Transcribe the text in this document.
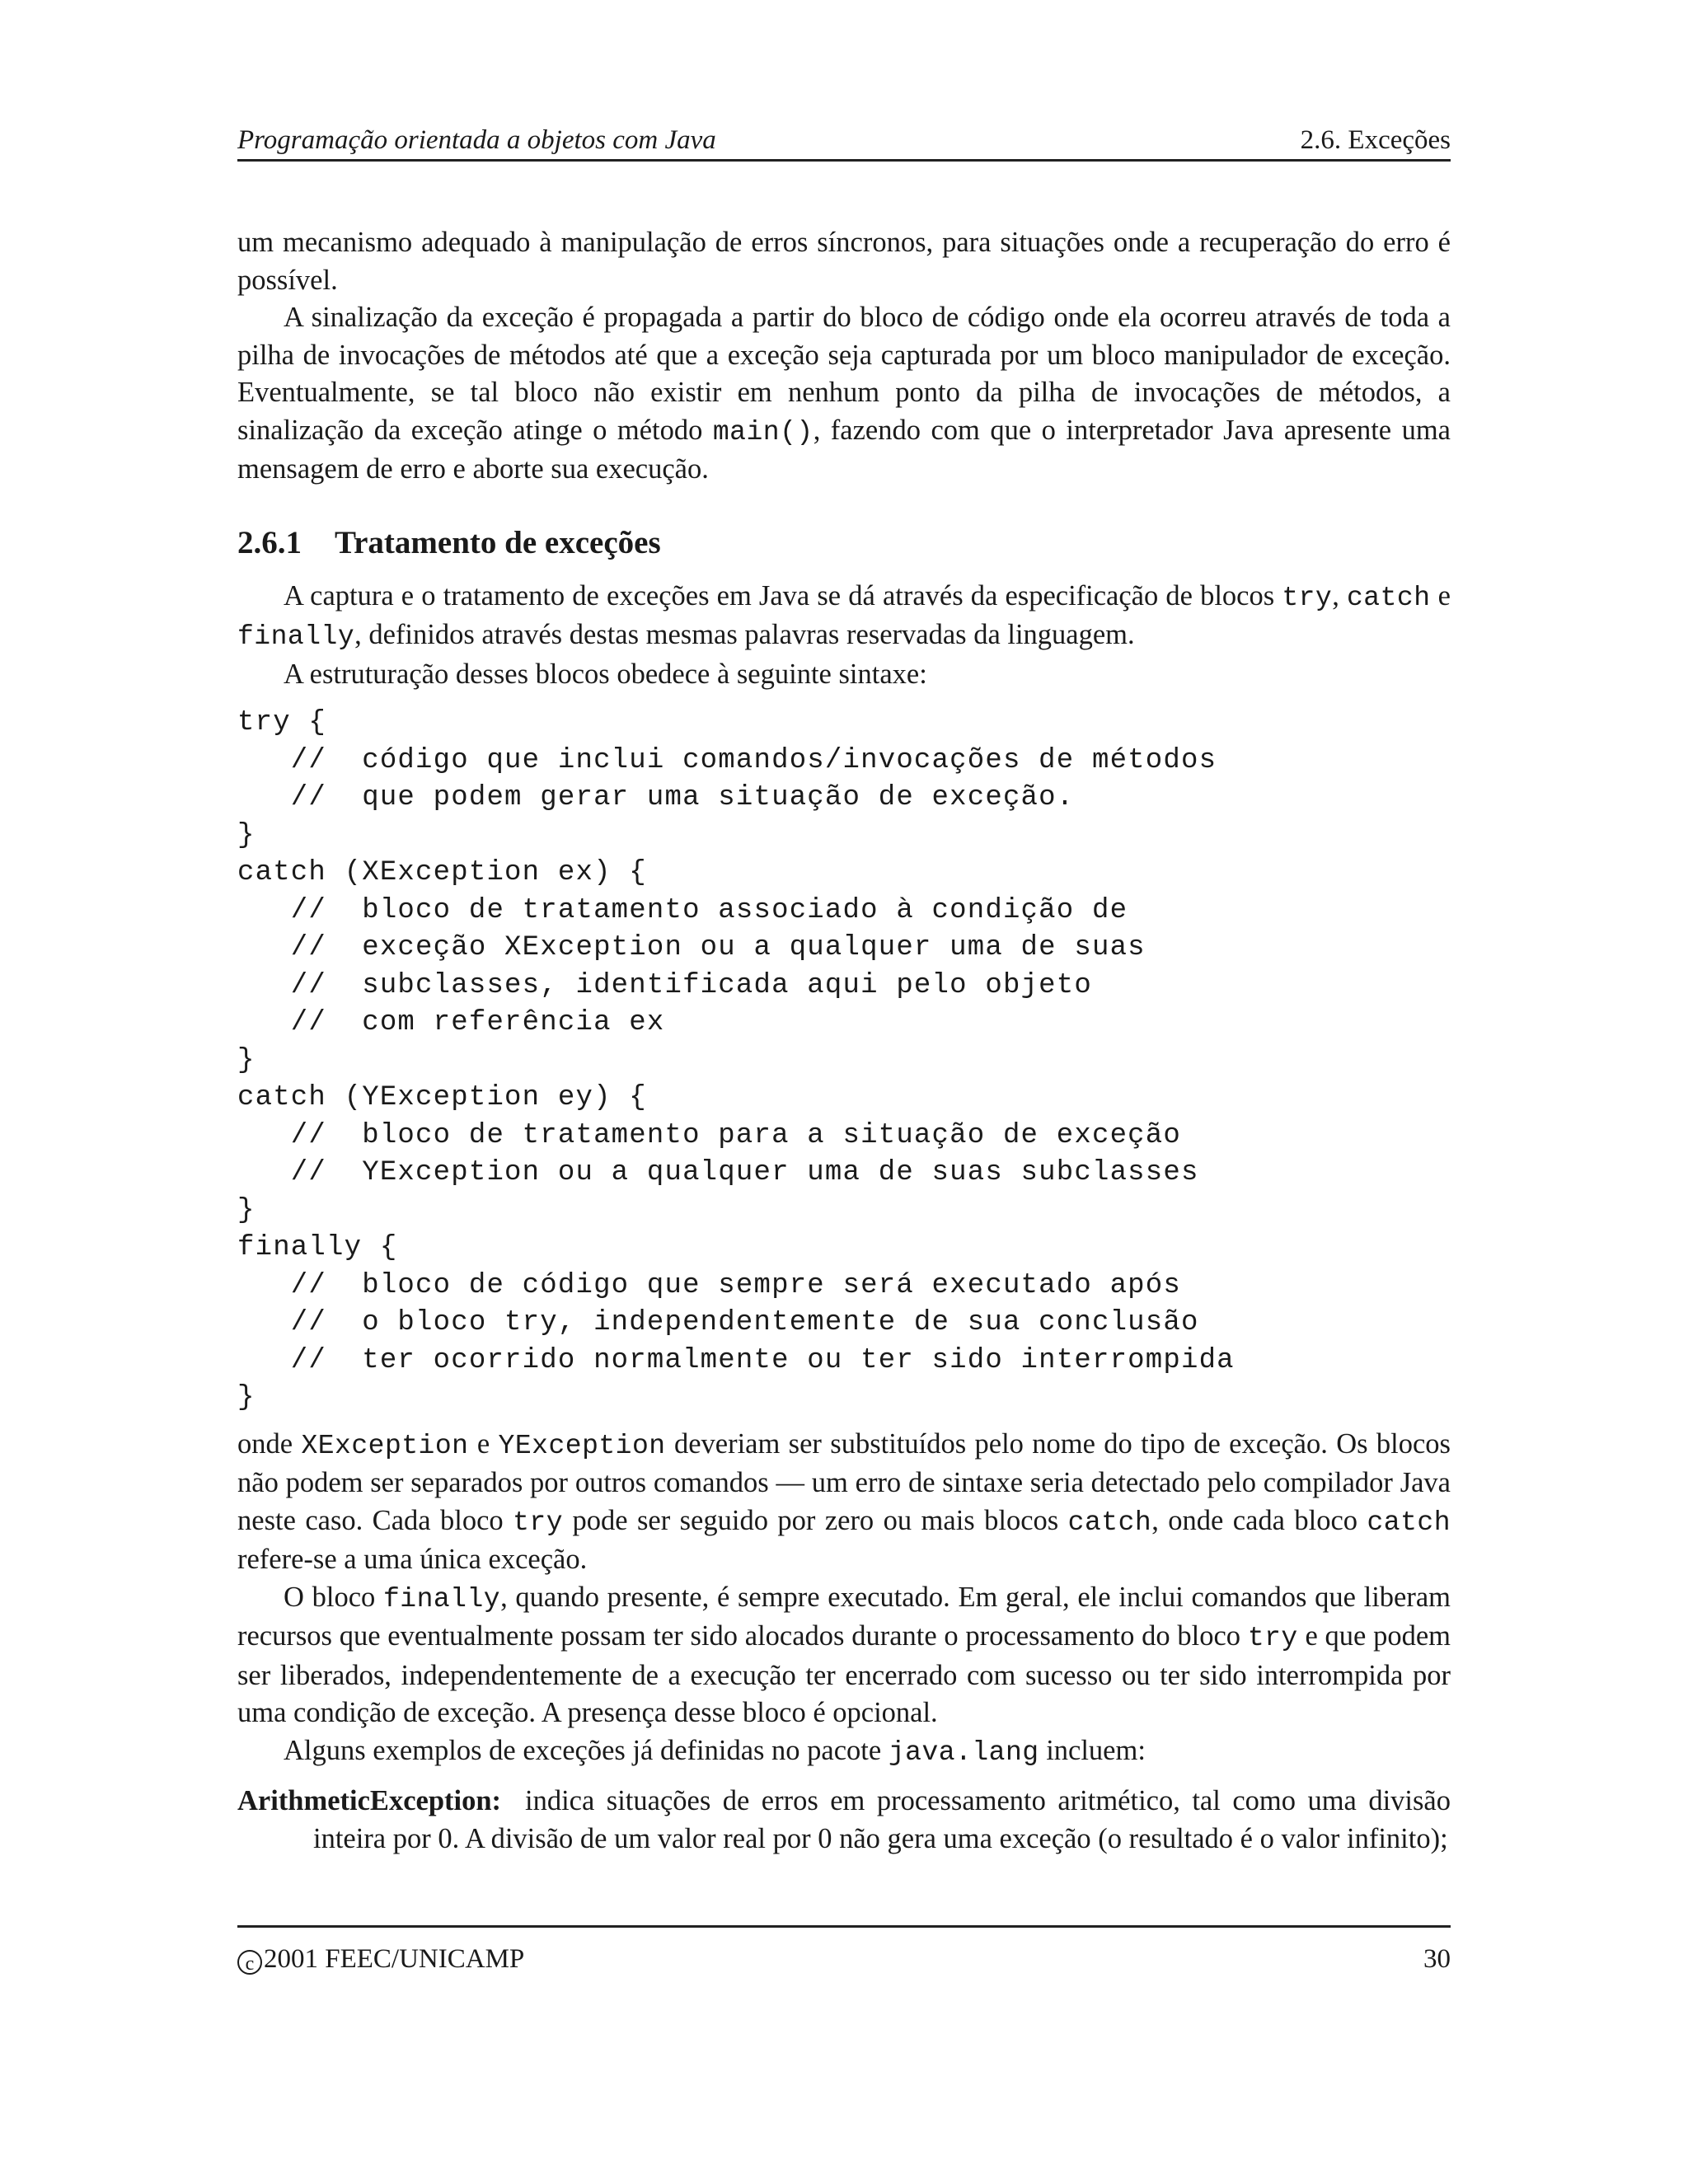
Programação orientada a objetos com Java	2.6. Exceções

um mecanismo adequado à manipulação de erros síncronos, para situações onde a recuperação do erro é possível.

A sinalização da exceção é propagada a partir do bloco de código onde ela ocorreu através de toda a pilha de invocações de métodos até que a exceção seja capturada por um bloco manipulador de exceção. Eventualmente, se tal bloco não existir em nenhum ponto da pilha de invocações de métodos, a sinalização da exceção atinge o método main(), fazendo com que o interpretador Java apresente uma mensagem de erro e aborte sua execução.

2.6.1 Tratamento de exceções

A captura e o tratamento de exceções em Java se dá através da especificação de blocos try, catch e finally, definidos através destas mesmas palavras reservadas da linguagem.

A estruturação desses blocos obedece à seguinte sintaxe:

try {
//  código que inclui comandos/invocações de métodos
//  que podem gerar uma situação de exceção.
}
catch (XException ex) {
//  bloco de tratamento associado à condição de
//  exceção XException ou a qualquer uma de suas
//  subclasses, identificada aqui pelo objeto
//  com referência ex
}
catch (YException ey) {
//  bloco de tratamento para a situação de exceção
//  YException ou a qualquer uma de suas subclasses
}
finally {
//  bloco de código que sempre será executado após
//  o bloco try, independentemente de sua conclusão
//  ter ocorrido normalmente ou ter sido interrompida
}

onde XException e YException deveriam ser substituídos pelo nome do tipo de exceção. Os blocos não podem ser separados por outros comandos — um erro de sintaxe seria detectado pelo compilador Java neste caso. Cada bloco try pode ser seguido por zero ou mais blocos catch, onde cada bloco catch refere-se a uma única exceção.

O bloco finally, quando presente, é sempre executado. Em geral, ele inclui comandos que liberam recursos que eventualmente possam ter sido alocados durante o processamento do bloco try e que podem ser liberados, independentemente de a execução ter encerrado com sucesso ou ter sido interrompida por uma condição de exceção. A presença desse bloco é opcional.

Alguns exemplos de exceções já definidas no pacote java.lang incluem:

ArithmeticException: indica situações de erros em processamento aritmético, tal como uma divisão inteira por 0. A divisão de um valor real por 0 não gera uma exceção (o resultado é o valor infinito);

c 2001 FEEC/UNICAMP	30
